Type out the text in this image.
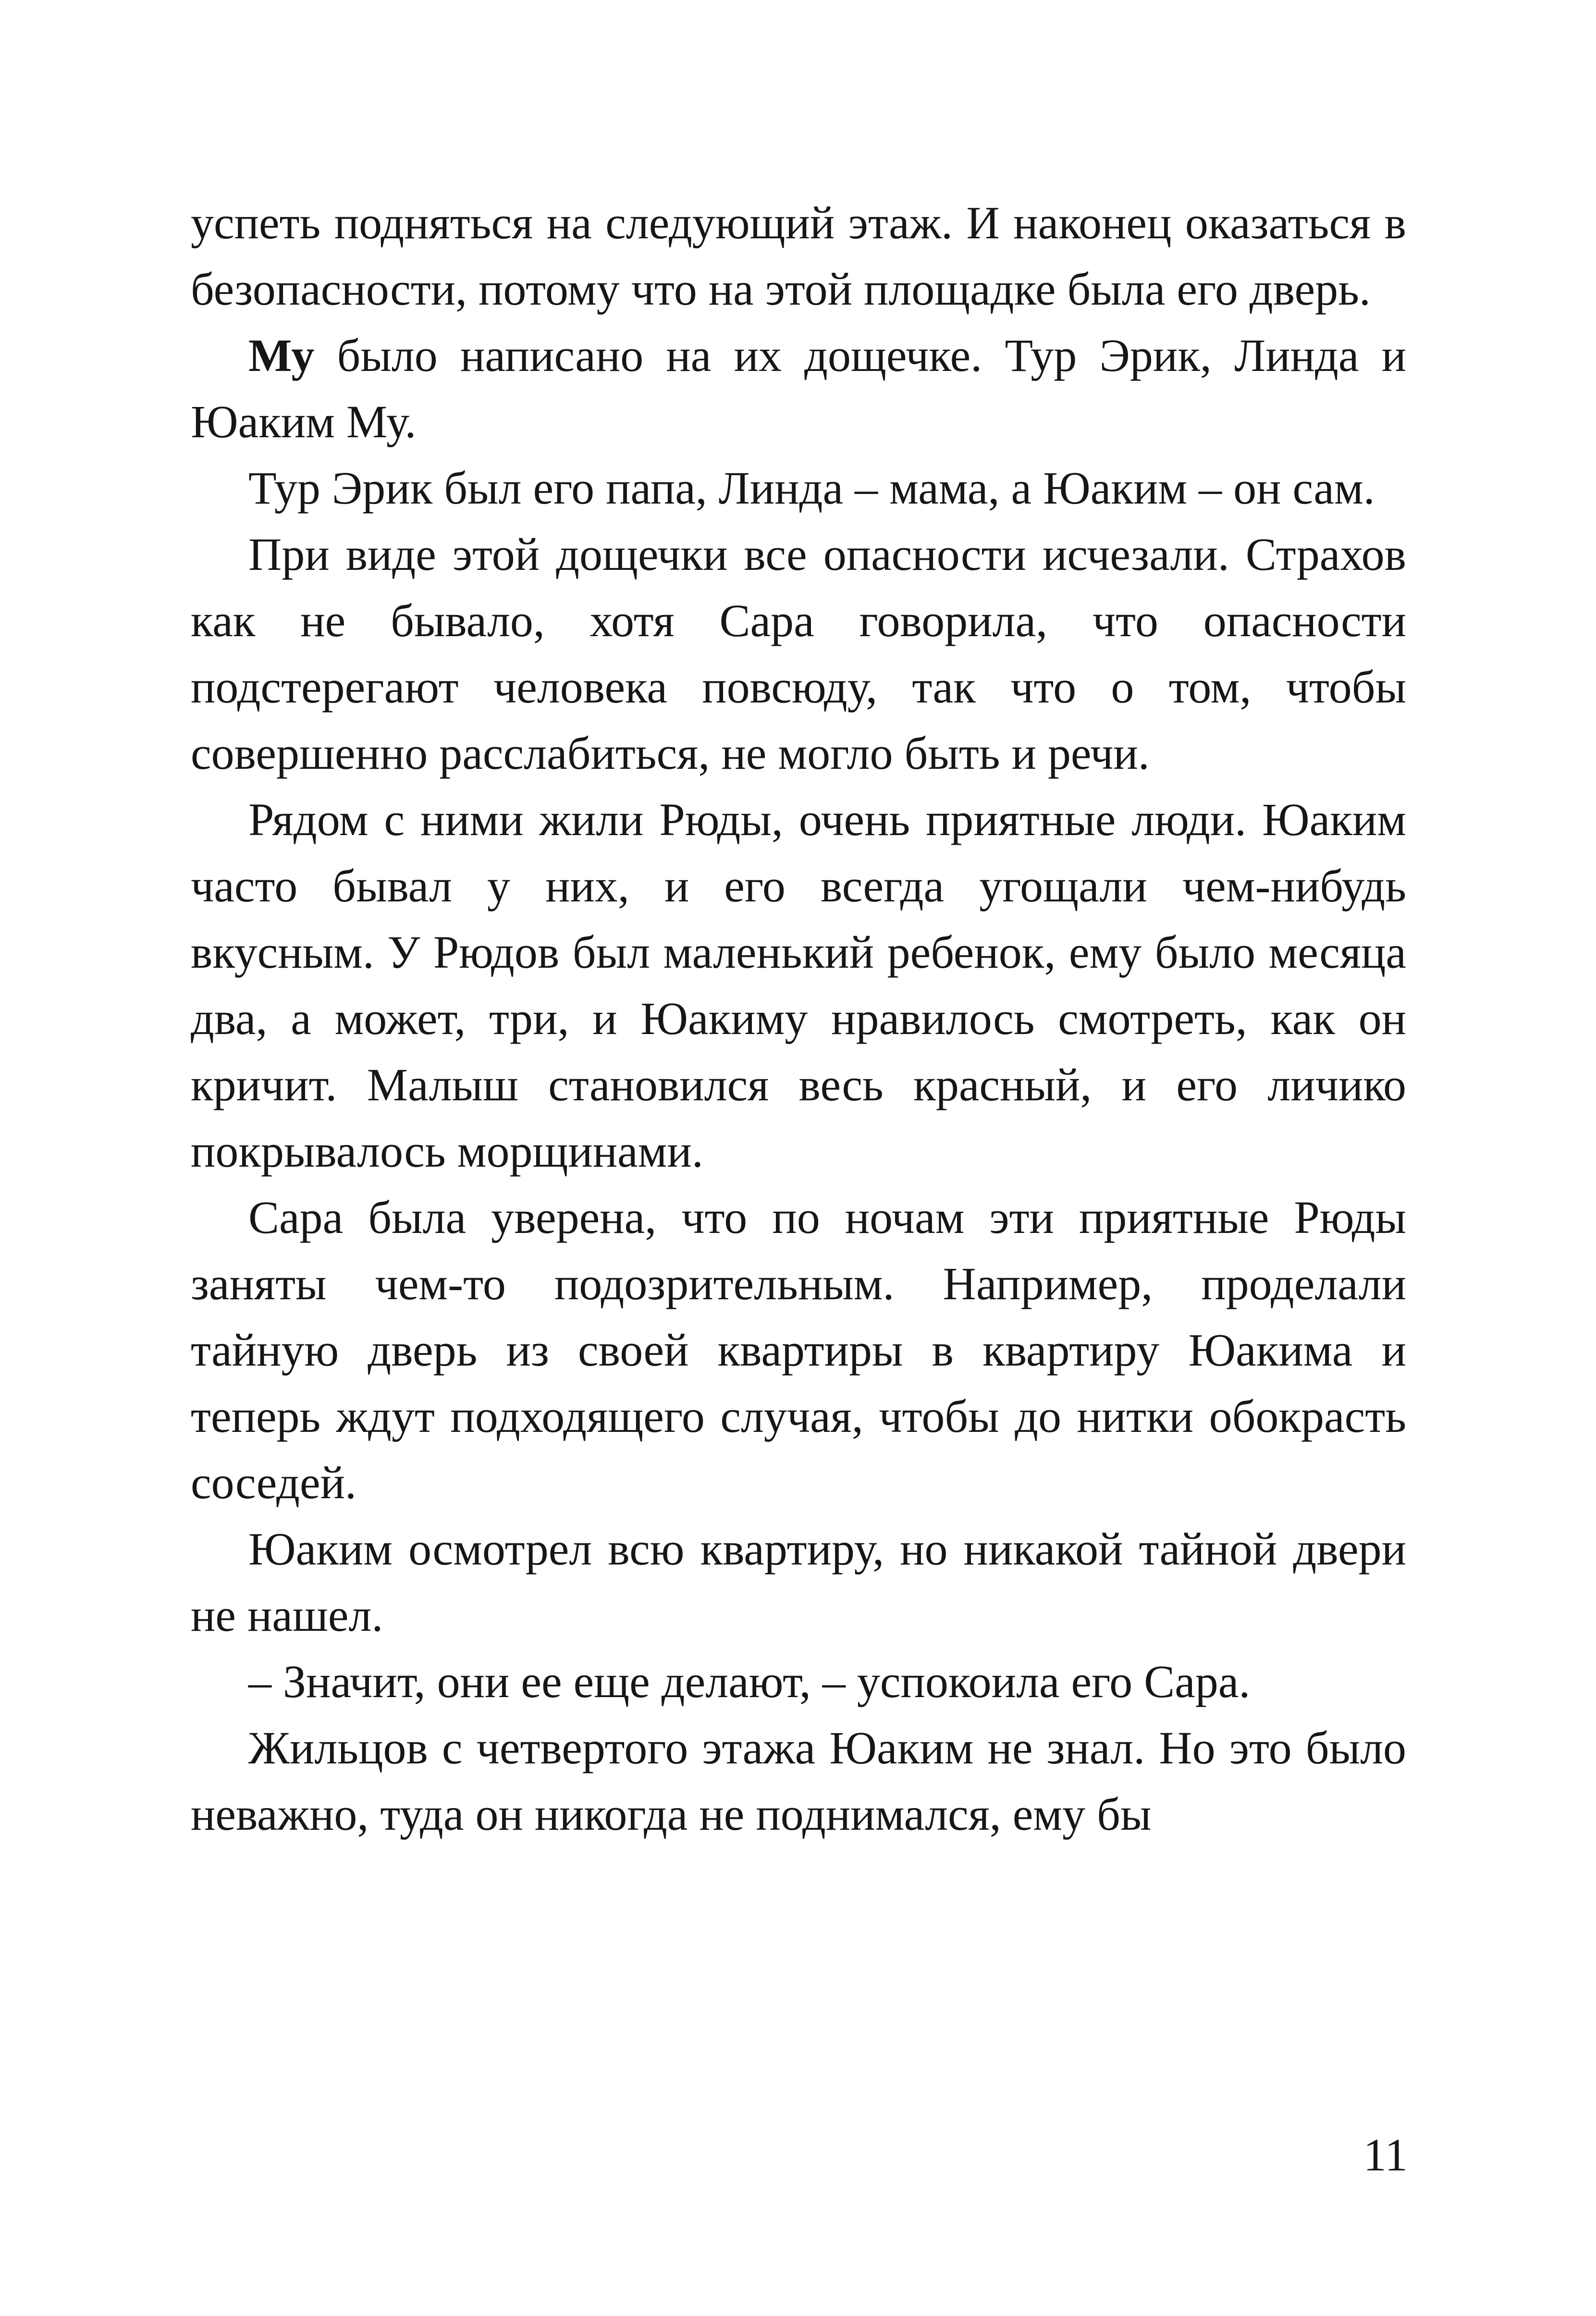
успеть подняться на следующий этаж. И наконец оказаться в безопасности, потому что на этой площадке была его дверь.

Му было написано на их дощечке. Тур Эрик, Линда и Юаким Му.

Тур Эрик был его папа, Линда – мама, а Юаким – он сам.

При виде этой дощечки все опасности исчезали. Страхов как не бывало, хотя Сара говорила, что опасности подстерегают человека повсюду, так что о том, чтобы совершенно расслабиться, не могло быть и речи.

Рядом с ними жили Рюды, очень приятные люди. Юаким часто бывал у них, и его всегда угощали чем-нибудь вкусным. У Рюдов был маленький ребенок, ему было месяца два, а может, три, и Юакиму нравилось смотреть, как он кричит. Малыш становился весь красный, и его личико покрывалось морщинами.

Сара была уверена, что по ночам эти приятные Рюды заняты чем-то подозрительным. Например, проделали тайную дверь из своей квартиры в квартиру Юакима и теперь ждут подходящего случая, чтобы до нитки обокрасть соседей.

Юаким осмотрел всю квартиру, но никакой тайной двери не нашел.

– Значит, они ее еще делают, – успокоила его Сара.

Жильцов с четвертого этажа Юаким не знал. Но это было неважно, туда он никогда не поднимался, ему бы

11
